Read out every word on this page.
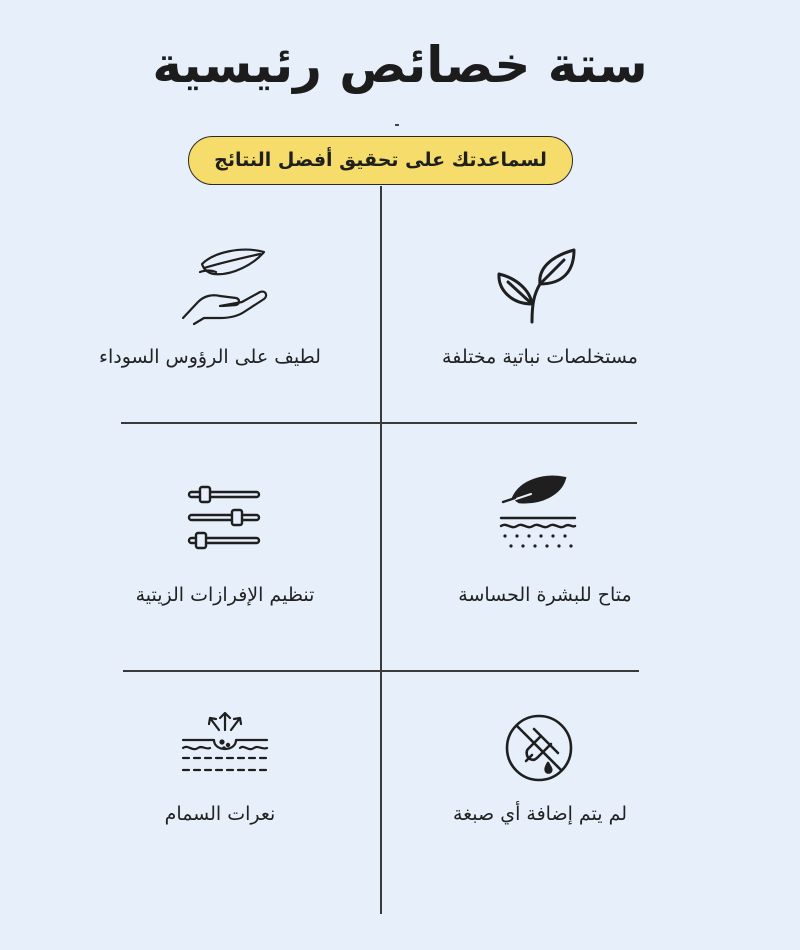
ستة خصائص رئيسية
لسماعدتك على تحقيق أفضل النتائج
مستخلصات نباتية مختلفة
لطيف على الرؤوس السوداء
متاح للبشرة الحساسة
تنظيم الإفرازات الزيتية
لم يتم إضافة أي صبغة
نعرات السمام
